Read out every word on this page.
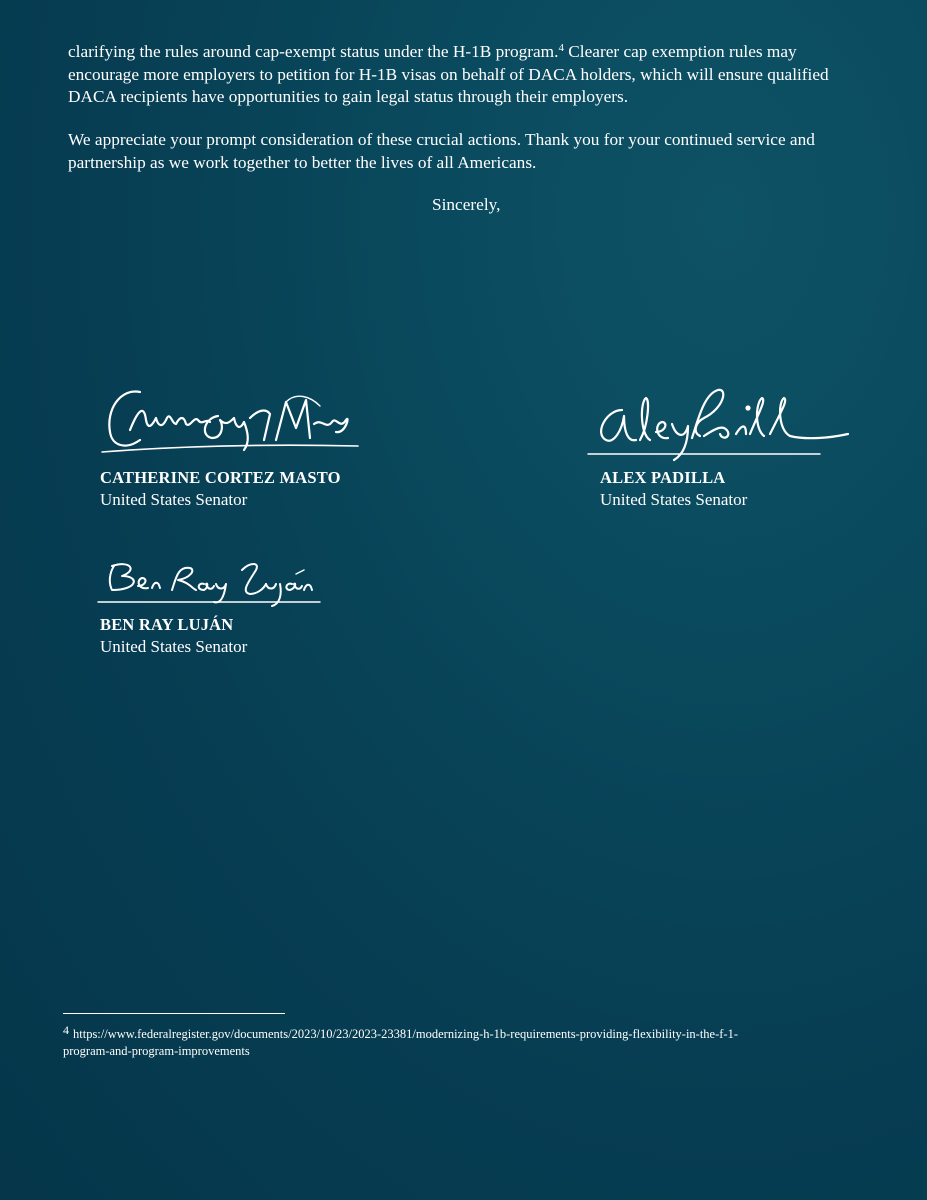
clarifying the rules around cap-exempt status under the H-1B program.$^4$ Clearer cap exemption rules may encourage more employers to petition for H-1B visas on behalf of DACA holders, which will ensure qualified DACA recipients have opportunities to gain legal status through their employers.

We appreciate your prompt consideration of these crucial actions. Thank you for your continued service and partnership as we work together to better the lives of all Americans.

Sincerely,
CATHERINE CORTEZ MASTO
United States Senator
ALEX PADILLA
United States Senator
BEN RAY LUJÁN
United States Senator
$^4$ https://www.federalregister.gov/documents/2023/10/23/2023-23381/modernizing-h-1b-requirements-providing-flexibility-in-the-f-1-program-and-program-improvements
